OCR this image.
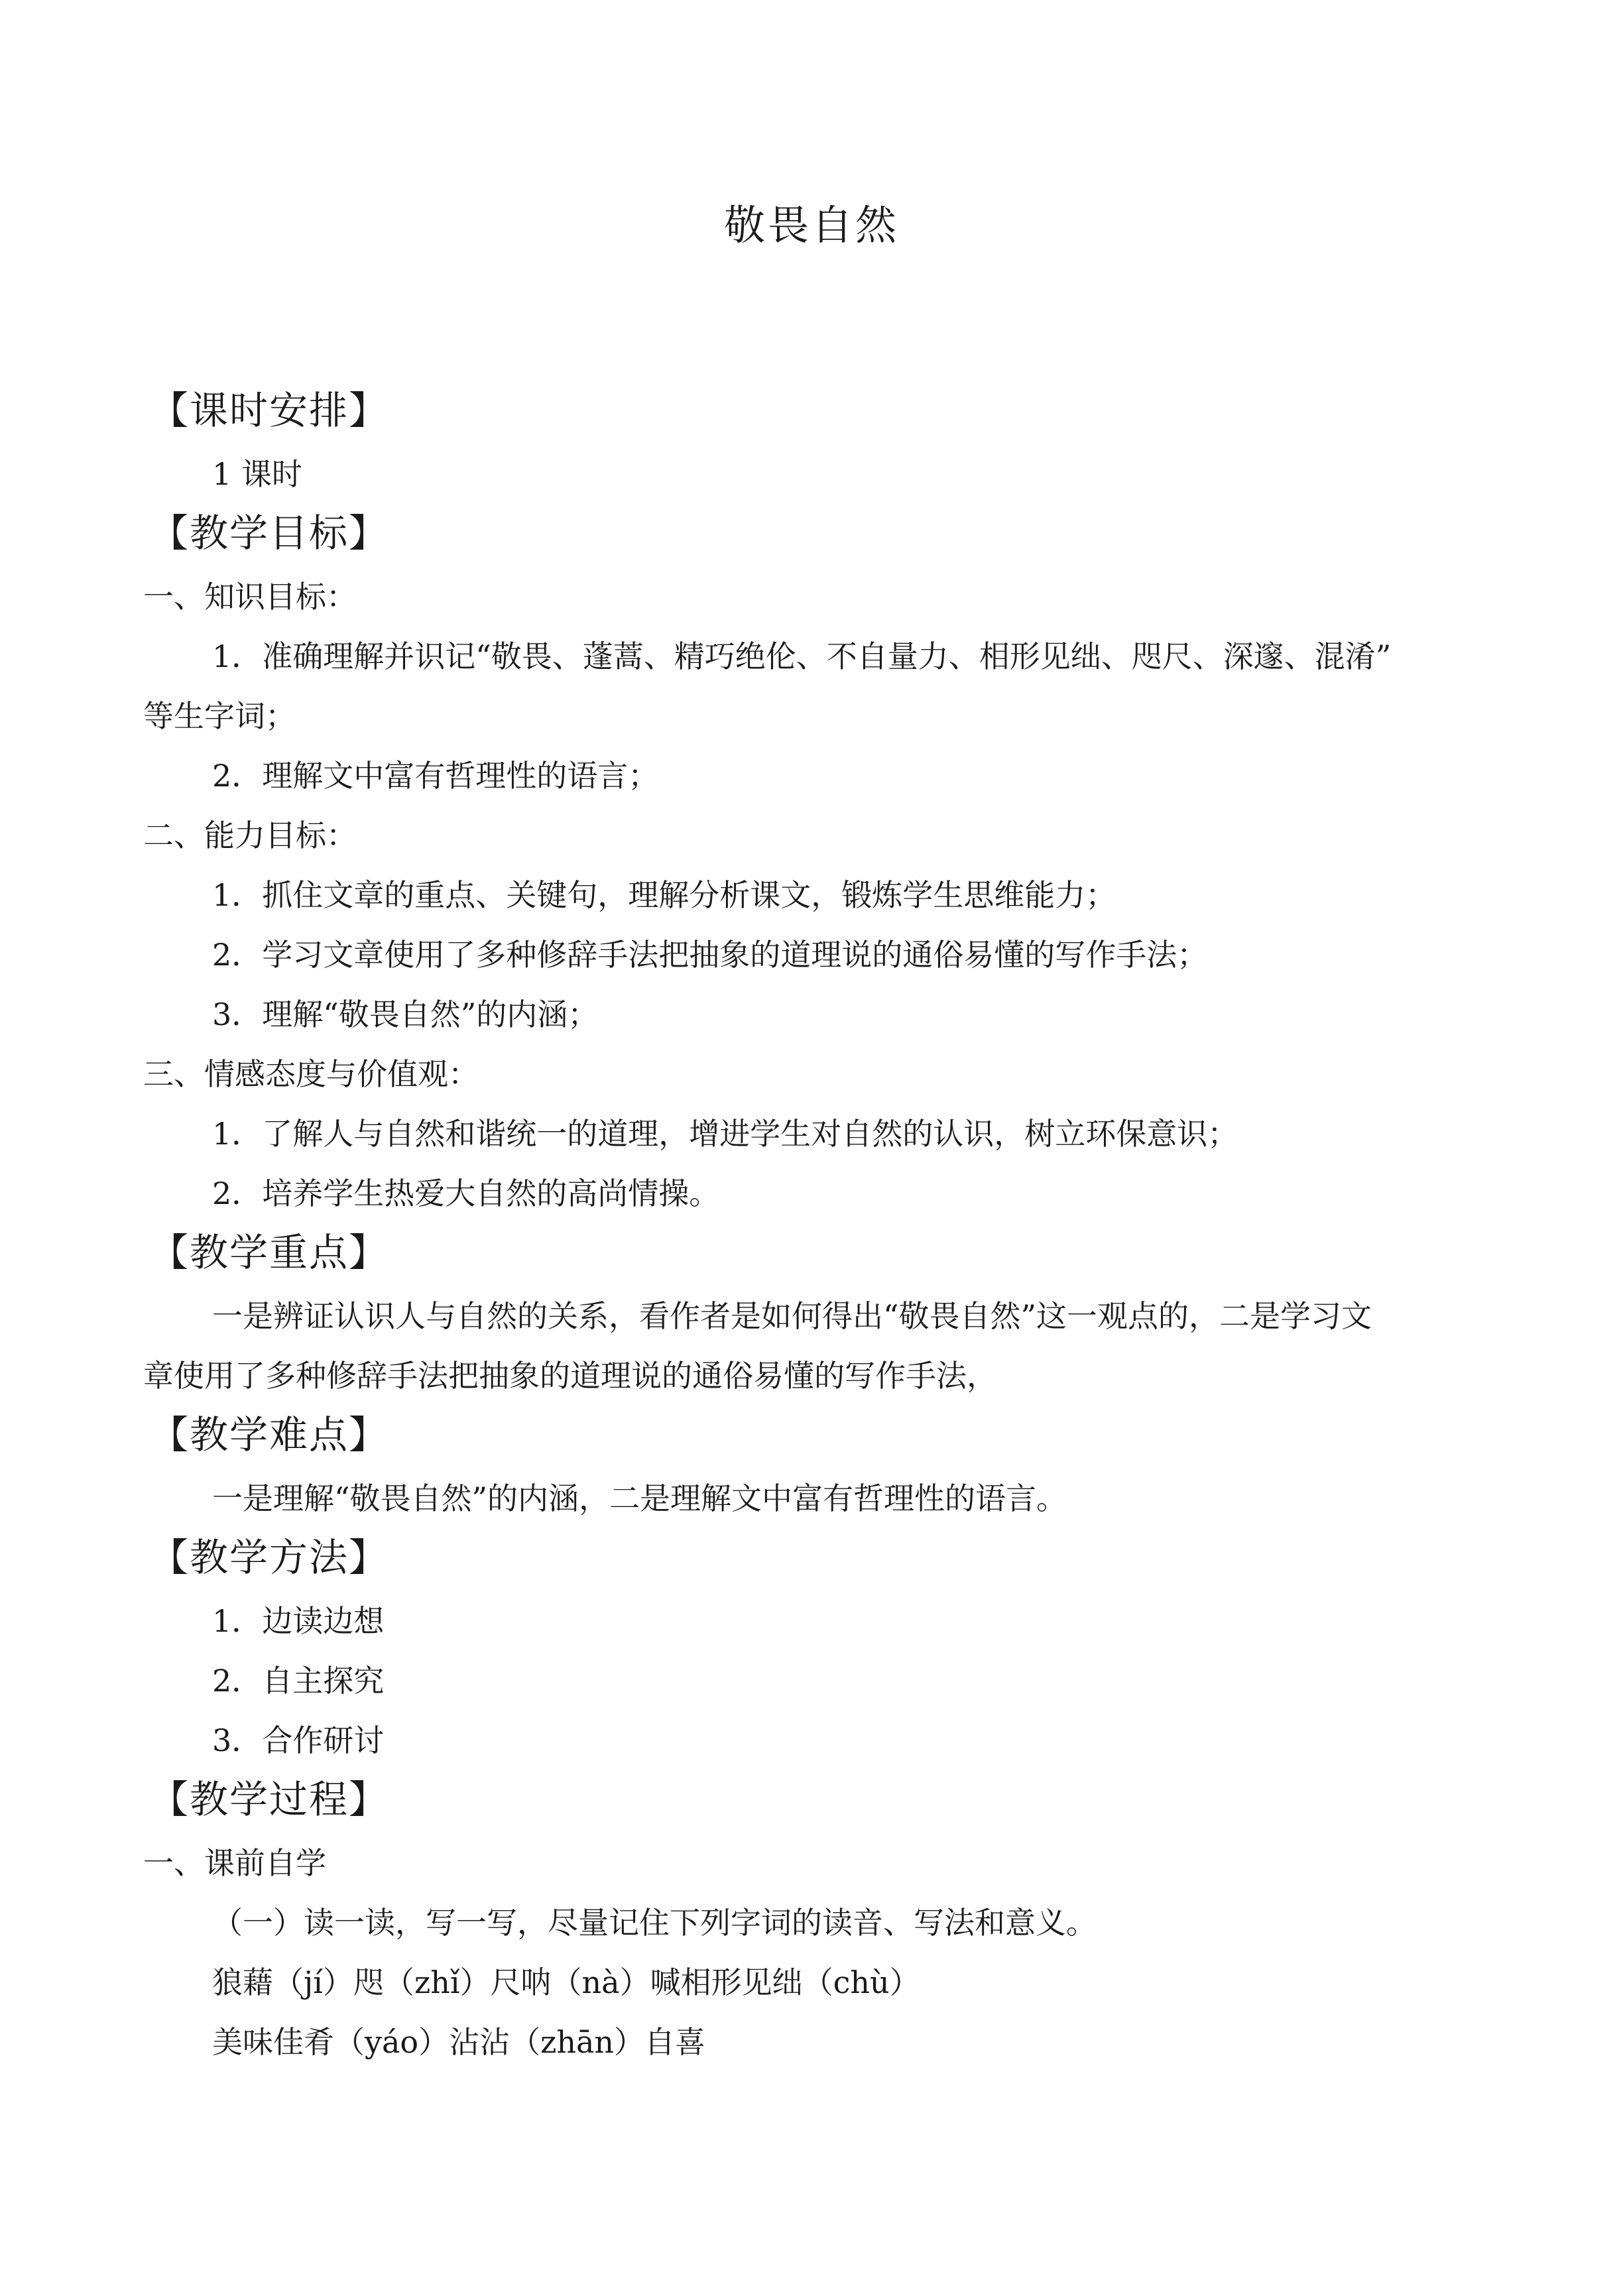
敬畏自然
【课时安排】
1 课时
【教学目标】
一、知识目标：
1．准确理解并识记“敬畏、蓬蒿、精巧绝伦、不自量力、相形见绌、咫尺、深邃、混淆”
等生字词；
2．理解文中富有哲理性的语言；
二、能力目标：
1．抓住文章的重点、关键句，理解分析课文，锻炼学生思维能力；
2．学习文章使用了多种修辞手法把抽象的道理说的通俗易懂的写作手法；
3．理解“敬畏自然”的内涵；
三、情感态度与价值观：
1．了解人与自然和谐统一的道理，增进学生对自然的认识，树立环保意识；
2．培养学生热爱大自然的高尚情操。
【教学重点】
一是辨证认识人与自然的关系，看作者是如何得出“敬畏自然”这一观点的，二是学习文
章使用了多种修辞手法把抽象的道理说的通俗易懂的写作手法，
【教学难点】
一是理解“敬畏自然”的内涵，二是理解文中富有哲理性的语言。
【教学方法】
1．边读边想
2．自主探究
3．合作研讨
【教学过程】
一、课前自学
（一）读一读，写一写，尽量记住下列字词的读音、写法和意义。
狼藉（jí）咫（zhǐ）尺呐（nà）喊相形见绌（chù）
美味佳肴（yáo）沾沾（zhān）自喜
